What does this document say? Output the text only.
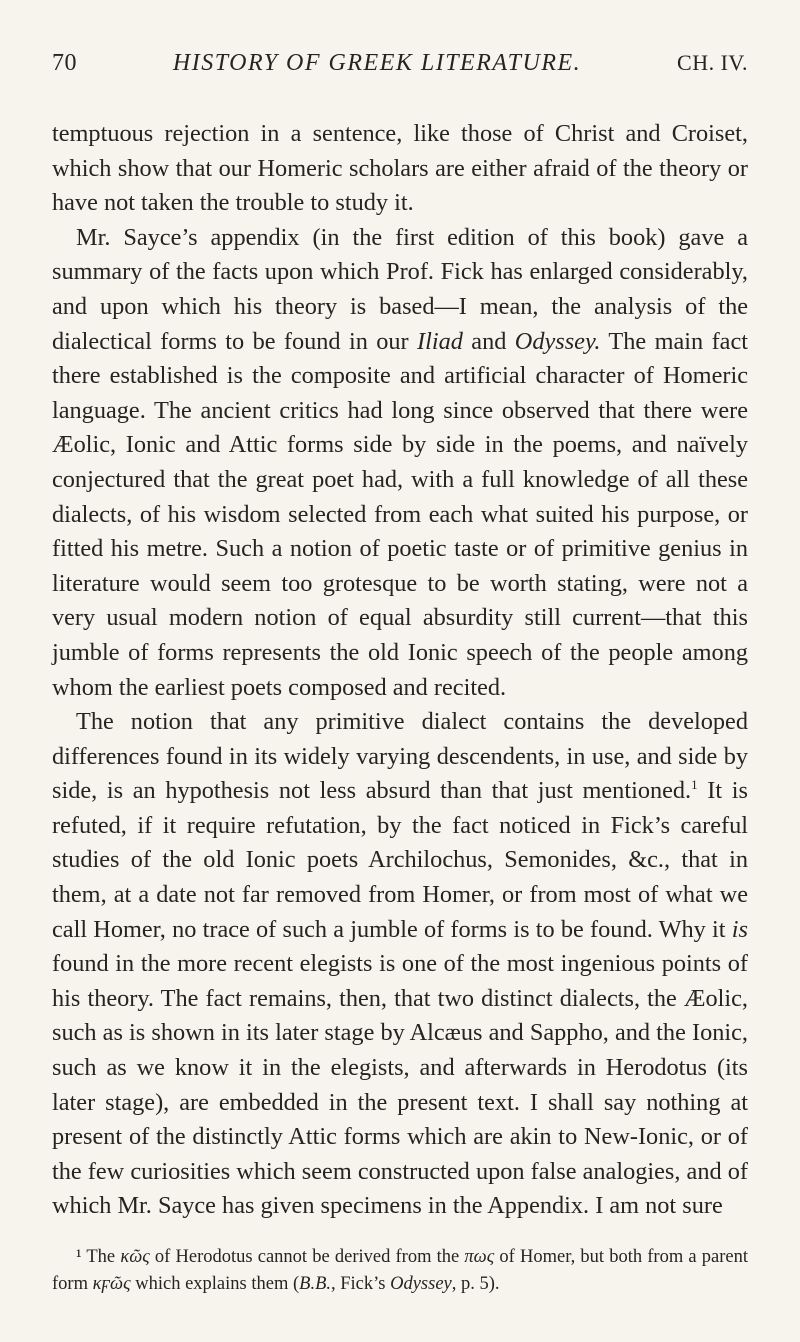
70	HISTORY OF GREEK LITERATURE.	CH. IV.

temptuous rejection in a sentence, like those of Christ and Croiset, which show that our Homeric scholars are either afraid of the theory or have not taken the trouble to study it.

Mr. Sayce’s appendix (in the first edition of this book) gave a summary of the facts upon which Prof. Fick has enlarged considerably, and upon which his theory is based—I mean, the analysis of the dialectical forms to be found in our Iliad and Odyssey. The main fact there established is the composite and artificial character of Homeric language. The ancient critics had long since observed that there were Æolic, Ionic and Attic forms side by side in the poems, and naïvely conjectured that the great poet had, with a full knowledge of all these dialects, of his wisdom selected from each what suited his purpose, or fitted his metre. Such a notion of poetic taste or of primitive genius in literature would seem too grotesque to be worth stating, were not a very usual modern notion of equal absurdity still current—that this jumble of forms represents the old Ionic speech of the people among whom the earliest poets composed and recited.

The notion that any primitive dialect contains the developed differences found in its widely varying descendents, in use, and side by side, is an hypothesis not less absurd than that just mentioned.$^1$ It is refuted, if it require refutation, by the fact noticed in Fick’s careful studies of the old Ionic poets Archilochus, Semonides, &c., that in them, at a date not far removed from Homer, or from most of what we call Homer, no trace of such a jumble of forms is to be found. Why it is found in the more recent elegists is one of the most ingenious points of his theory. The fact remains, then, that two distinct dialects, the Æolic, such as is shown in its later stage by Alcæus and Sappho, and the Ionic, such as we know it in the elegists, and afterwards in Herodotus (its later stage), are embedded in the present text. I shall say nothing at present of the distinctly Attic forms which are akin to New-Ionic, or of the few curiosities which seem constructed upon false analogies, and of which Mr. Sayce has given specimens in the Appendix. I am not sure

¹ The κῶς of Herodotus cannot be derived from the πως of Homer, but both from a parent form κϝῶς which explains them (B.B., Fick’s Odyssey, p. 5).
